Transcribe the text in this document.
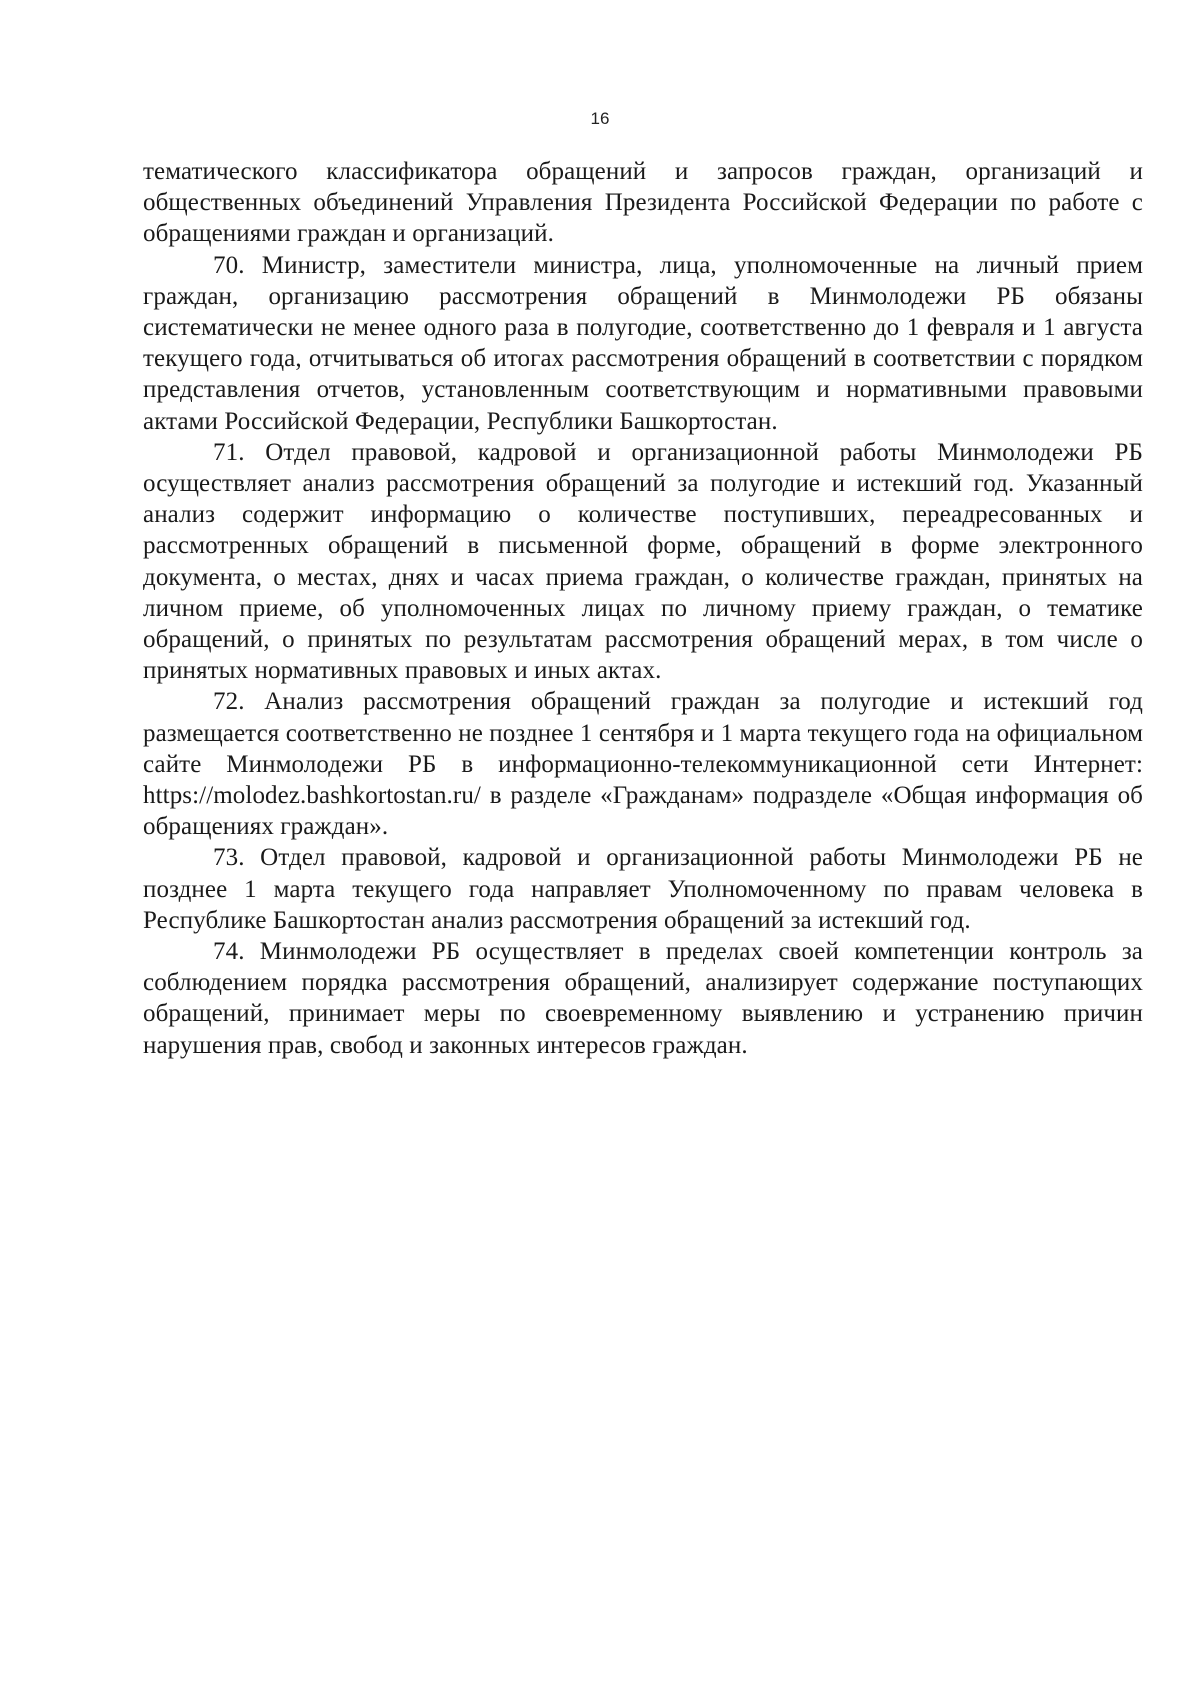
16

тематического классификатора обращений и запросов граждан, организаций и общественных объединений Управления Президента Российской Федерации по работе с обращениями граждан и организаций.

70. Министр, заместители министра, лица, уполномоченные на личный прием граждан, организацию рассмотрения обращений в Минмолодежи РБ обязаны систематически не менее одного раза в полугодие, соответственно до 1 февраля и 1 августа текущего года, отчитываться об итогах рассмотрения обращений в соответствии с порядком представления отчетов, установленным соответствующим и нормативными правовыми актами Российской Федерации, Республики Башкортостан.

71. Отдел правовой, кадровой и организационной работы Минмолодежи РБ осуществляет анализ рассмотрения обращений за полугодие и истекший год. Указанный анализ содержит информацию о количестве поступивших, переадресованных и рассмотренных обращений в письменной форме, обращений в форме электронного документа, о местах, днях и часах приема граждан, о количестве граждан, принятых на личном приеме, об уполномоченных лицах по личному приему граждан, о тематике обращений, о принятых по результатам рассмотрения обращений мерах, в том числе о принятых нормативных правовых и иных актах.

72. Анализ рассмотрения обращений граждан за полугодие и истекший год размещается соответственно не позднее 1 сентября и 1 марта текущего года на официальном сайте Минмолодежи РБ в информационно-телекоммуникационной сети Интернет: https://molodez.bashkortostan.ru/ в разделе «Гражданам» подразделе «Общая информация об обращениях граждан».

73. Отдел правовой, кадровой и организационной работы Минмолодежи РБ не позднее 1 марта текущего года направляет Уполномоченному по правам человека в Республике Башкортостан анализ рассмотрения обращений за истекший год.

74. Минмолодежи РБ осуществляет в пределах своей компетенции контроль за соблюдением порядка рассмотрения обращений, анализирует содержание поступающих обращений, принимает меры по своевременному выявлению и устранению причин нарушения прав, свобод и законных интересов граждан.
